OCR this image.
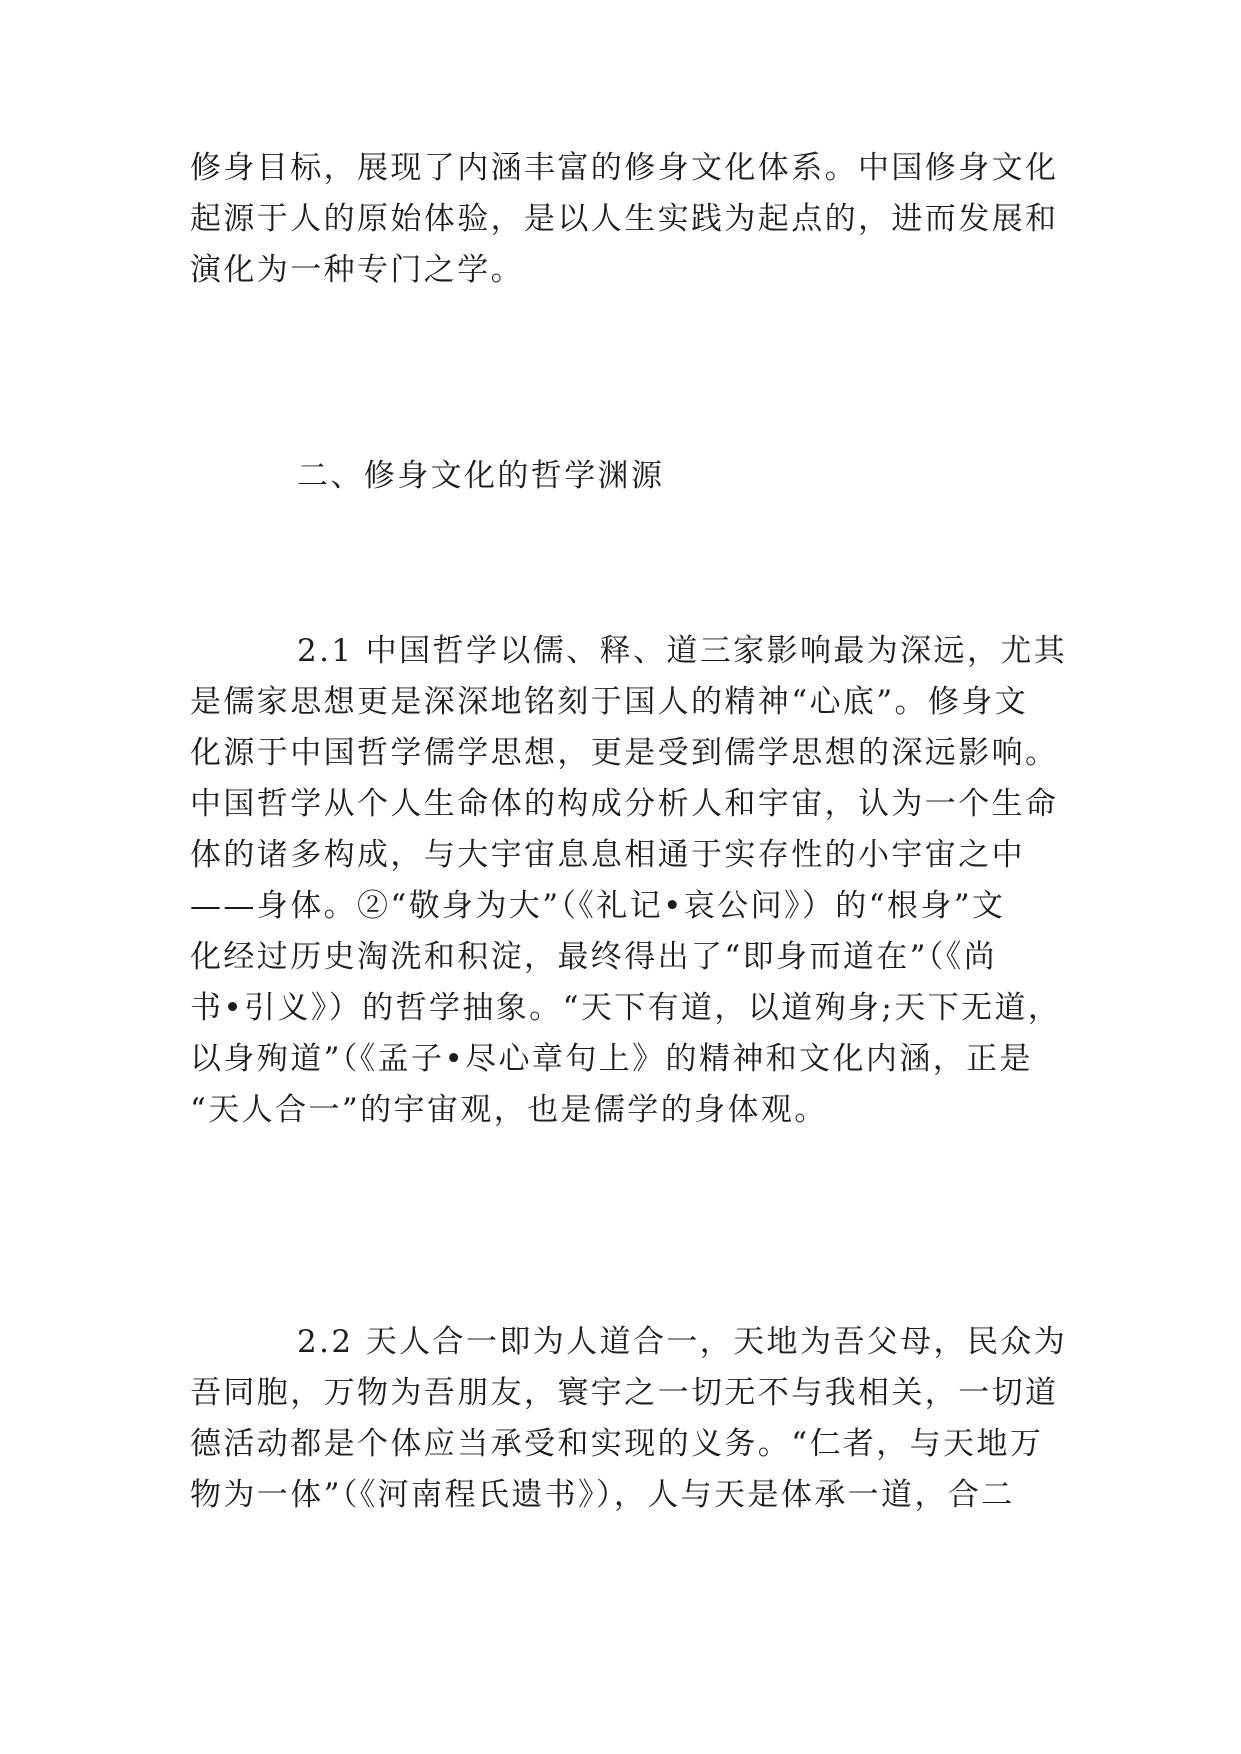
修身目标，展现了内涵丰富的修身文化体系。中国修身文化

起源于人的原始体验，是以人生实践为起点的，进而发展和

演化为一种专门之学。

二、修身文化的哲学渊源

2.1 中国哲学以儒、释、道三家影响最为深远，尤其

是儒家思想更是深深地铭刻于国人的精神“心底”。修身文

化源于中国哲学儒学思想，更是受到儒学思想的深远影响。

中国哲学从个人生命体的构成分析人和宇宙，认为一个生命

体的诸多构成，与大宇宙息息相通于实存性的小宇宙之中

——身体。②“敬身为大”（《礼记•哀公问》）的“根身”文

化经过历史淘洗和积淀，最终得出了“即身而道在”（《尚

书•引义》）的哲学抽象。“天下有道，以道殉身;天下无道，

以身殉道”（《孟子•尽心章句上》的精神和文化内涵，正是

“天人合一”的宇宙观，也是儒学的身体观。

2.2 天人合一即为人道合一，天地为吾父母，民众为

吾同胞，万物为吾朋友，寰宇之一切无不与我相关，一切道

德活动都是个体应当承受和实现的义务。“仁者，与天地万

物为一体”（《河南程氏遗书》），人与天是体承一道，合二
